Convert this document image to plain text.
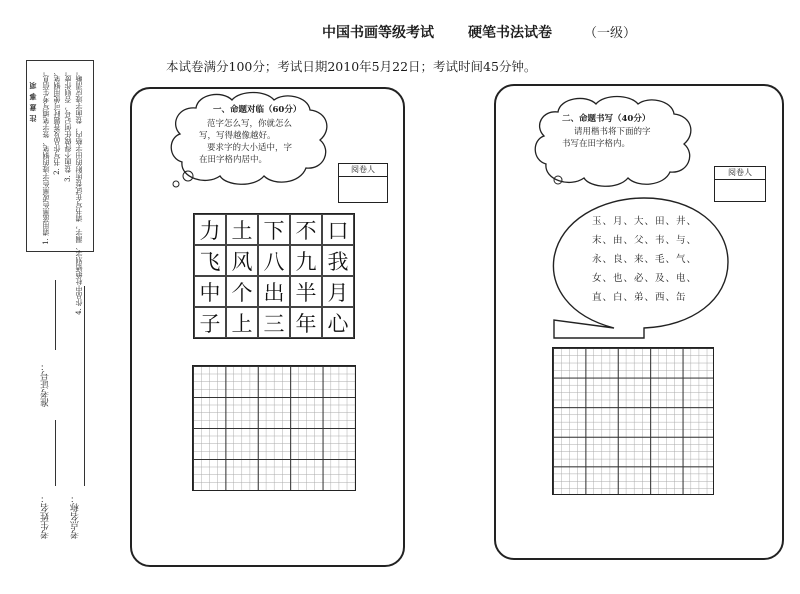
中国书画等级考试 硬笔书法试卷 （一级）
本试卷满分100分；考试日期2010年5月22日；考试时间45分钟。
注意事项 1. 请用蓝黑色或黑色字迹的钢笔、签字笔填写考生信息。 2. 书写作品及答题时可使用钢笔、 3. 卷面不得做任何记号，否则作废。 4. 作品中杜绝错别字、漏字，请书写在试卷所附的田字格内，卷面字迹应清晰。
准考证号：
考生姓名： 考点名称：
一、命题对临（60分）
范字怎么写，你就怎么
写，写得越像越好。
要求字的大小适中，字
在田字格内居中。
阅卷人
力 土 下 不 口
飞 风 八 九 我
中 个 出 半 月
子 上 三 年 心
二、命题书写（40分）
请用楷书将下面的字
书写在田字格内。
阅卷人
玉、月、大、田、井、
末、由、父、韦、与、
永、良、来、毛、气、
女、也、必、及、电、
直、白、弟、西、缶
